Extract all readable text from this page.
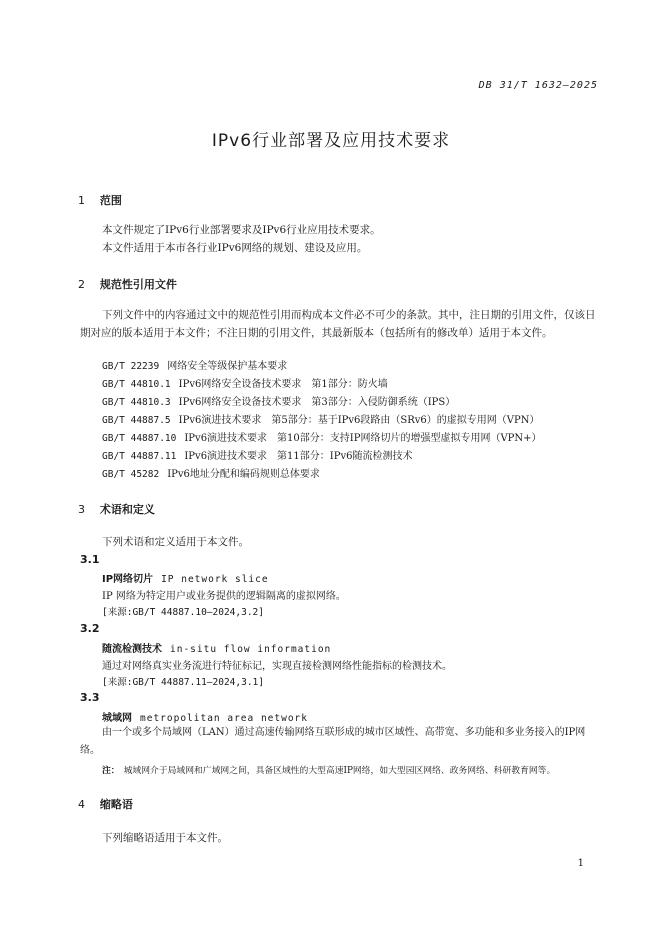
DB 31/T 1632—2025
IPv6行业部署及应用技术要求
1 范围
本文件规定了IPv6行业部署要求及IPv6行业应用技术要求。
本文件适用于本市各行业IPv6网络的规划、建设及应用。
2 规范性引用文件
下列文件中的内容通过文中的规范性引用而构成本文件必不可少的条款。其中，注日期的引用文件，仅该日期对应的版本适用于本文件；不注日期的引用文件，其最新版本（包括所有的修改单）适用于本文件。
GB/T 22239 网络安全等级保护基本要求
GB/T 44810.1 IPv6网络安全设备技术要求　第1部分：防火墙
GB/T 44810.3 IPv6网络安全设备技术要求　第3部分：入侵防御系统（IPS）
GB/T 44887.5 IPv6演进技术要求　第5部分：基于IPv6段路由（SRv6）的虚拟专用网（VPN）
GB/T 44887.10 IPv6演进技术要求　第10部分：支持IP网络切片的增强型虚拟专用网（VPN+）
GB/T 44887.11 IPv6演进技术要求　第11部分：IPv6随流检测技术
GB/T 45282 IPv6地址分配和编码规则总体要求
3 术语和定义
下列术语和定义适用于本文件。
3.1
IP网络切片 IP network slice
IP 网络为特定用户或业务提供的逻辑隔离的虚拟网络。
[来源:GB/T 44887.10—2024,3.2]
3.2
随流检测技术 in-situ flow information
通过对网络真实业务流进行特征标记，实现直接检测网络性能指标的检测技术。
[来源:GB/T 44887.11—2024,3.1]
3.3
城域网 metropolitan area network
由一个或多个局域网（LAN）通过高速传输网络互联形成的城市区域性、高带宽、多功能和多业务接入的IP网络。
注： 城域网介于局域网和广域网之间，具备区域性的大型高速IP网络，如大型园区网络、政务网络、科研教育网等。
4 缩略语
下列缩略语适用于本文件。
1
